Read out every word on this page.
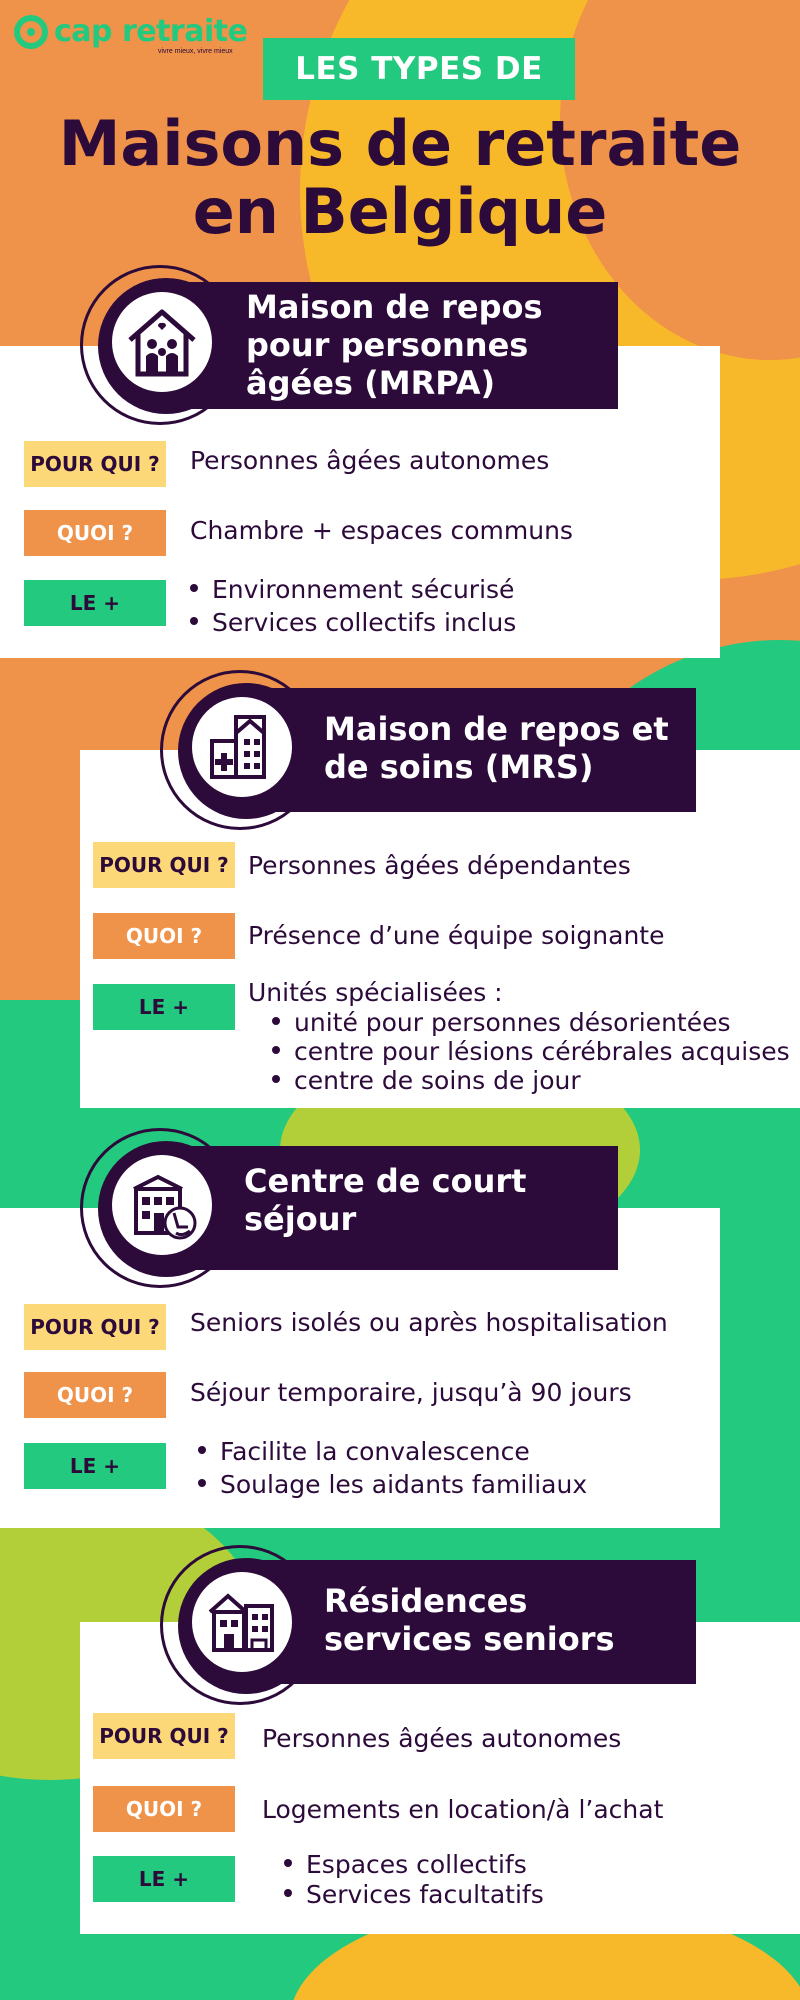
cap retraite
vivre mieux, vivre mieux	LES TYPES DE
Maisons de retraite
en Belgique
Maison de repos
pour personnes
âgées (MRPA)
POUR QUI ? Personnes âgées autonomes
QUOI ?	Chambre + espaces communs
LE +	Environnement sécurisé
Services collectifs inclus
Maison de repos et
de soins (MRS)
POUR QUI ? Personnes âgées dépendantes
QUOI ?	Présence d’une équipe soignante
LE +	Unités spécialisées :
unité pour personnes désorientées
centre pour lésions cérébrales acquises
centre de soins de jour
Centre de court
séjour
POUR QUI ? Seniors isolés ou après hospitalisation
QUOI ?	Séjour temporaire, jusqu’à 90 jours
LE +	Facilite la convalescence
Soulage les aidants familiaux
Résidences
services seniors
POUR QUI ? Personnes âgées autonomes
QUOI ?	Logements en location/à l’achat
LE +	Espaces collectifs
Services facultatifs
